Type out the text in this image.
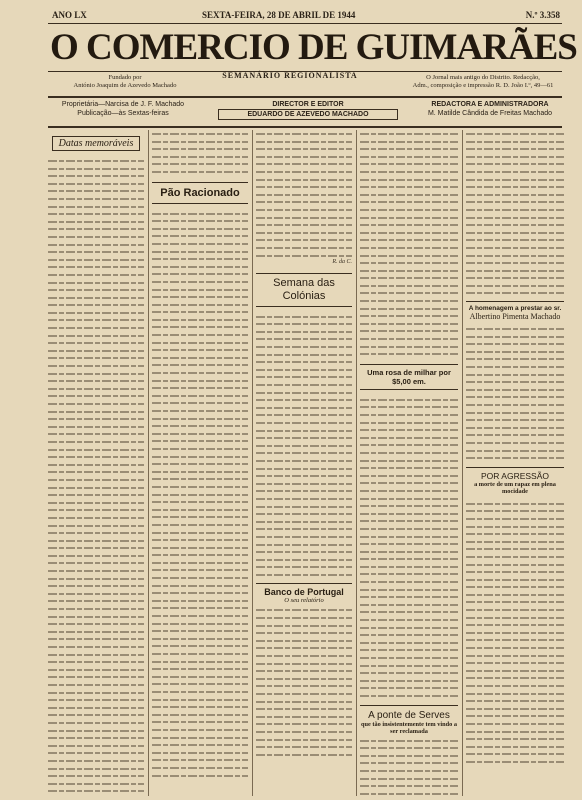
ANO LX	SEXTA-FEIRA, 28 DE ABRIL DE 1944	N.º 3.358
O COMERCIO DE GUIMARÃES
Fundado por
António Joaquim de Azevedo Machado
SEMANÁRIO REGIONALISTA	O Jornal mais antigo do Distrito. Redacção,
Adm., composição e impressão R. D. João I.º, 49—61
Proprietária—Narcisa de J. F. Machado
Publicação—às Sextas-feiras
DIRECTOR E EDITOR
EDUARDO DE AZEVEDO MACHADO
REDACTORA E ADMINISTRADORA
M. Matilde Cândida de Freitas Machado
Datas memoráveis
Pão Racionado
R. da C.
Semana das Colónias
Banco de Portugal
O seu relatório
Uma rosa de milhar por $5,00 em.
A ponte de Serves
que tão insistentemente tem vindo a ser reclamada
A homenagem a prestar ao sr.
Albertino Pimenta Machado
POR AGRESSÃO
a morte de um rapaz em plena mocidade
